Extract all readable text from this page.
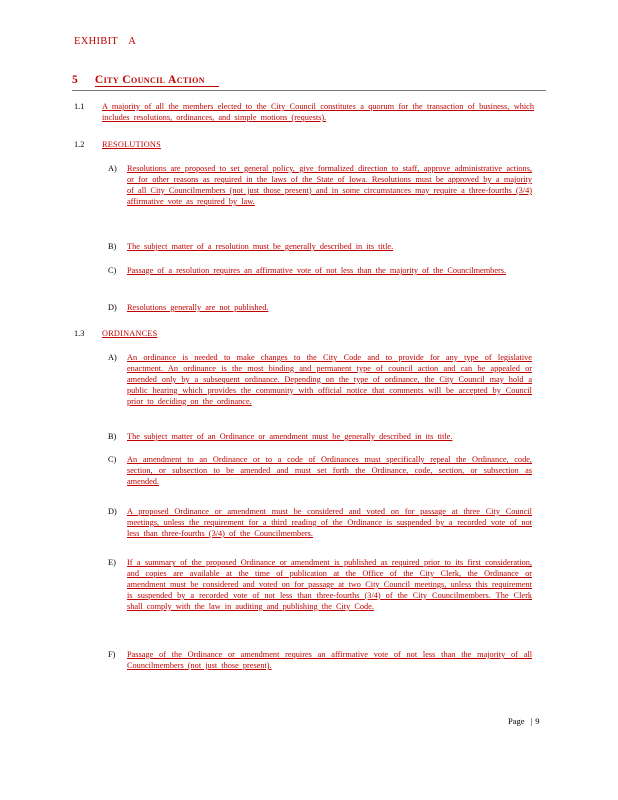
EXHIBIT A
5 City Council Action
1.1 A majority of all the members elected to the City Council constitutes a quorum for the transaction of business, which includes resolutions, ordinances, and simple motions (requests).
1.2 RESOLUTIONS
A) Resolutions are proposed to set general policy, give formalized direction to staff, approve administrative actions, or for other reasons as required in the laws of the State of Iowa. Resolutions must be approved by a majority of all City Councilmembers (not just those present) and in some circumstances may require a three-fourths (3/4) affirmative vote as required by law.
B) The subject matter of a resolution must be generally described in its title.
C) Passage of a resolution requires an affirmative vote of not less than the majority of the Councilmembers.
D) Resolutions generally are not published.
1.3 ORDINANCES
A) An ordinance is needed to make changes to the City Code and to provide for any type of legislative enactment. An ordinance is the most binding and permanent type of council action and can be appealed or amended only by a subsequent ordinance. Depending on the type of ordinance, the City Council may hold a public hearing which provides the community with official notice that comments will be accepted by Council prior to deciding on the ordinance.
B) The subject matter of an Ordinance or amendment must be generally described in its title.
C) An amendment to an Ordinance or to a code of Ordinances must specifically repeal the Ordinance, code, section, or subsection to be amended and must set forth the Ordinance, code, section, or subsection as amended.
D) A proposed Ordinance or amendment must be considered and voted on for passage at three City Council meetings, unless the requirement for a third reading of the Ordinance is suspended by a recorded vote of not less than three-fourths (3/4) of the Councilmembers.
E) If a summary of the proposed Ordinance or amendment is published as required prior to its first consideration, and copies are available at the time of publication at the Office of the City Clerk, the Ordinance or amendment must be considered and voted on for passage at two City Council meetings, unless this requirement is suspended by a recorded vote of not less than three-fourths (3/4) of the City Councilmembers. The Clerk shall comply with the law in auditing and publishing the City Code.
F) Passage of the Ordinance or amendment requires an affirmative vote of not less than the majority of all Councilmembers (not just those present).
Page | 9
